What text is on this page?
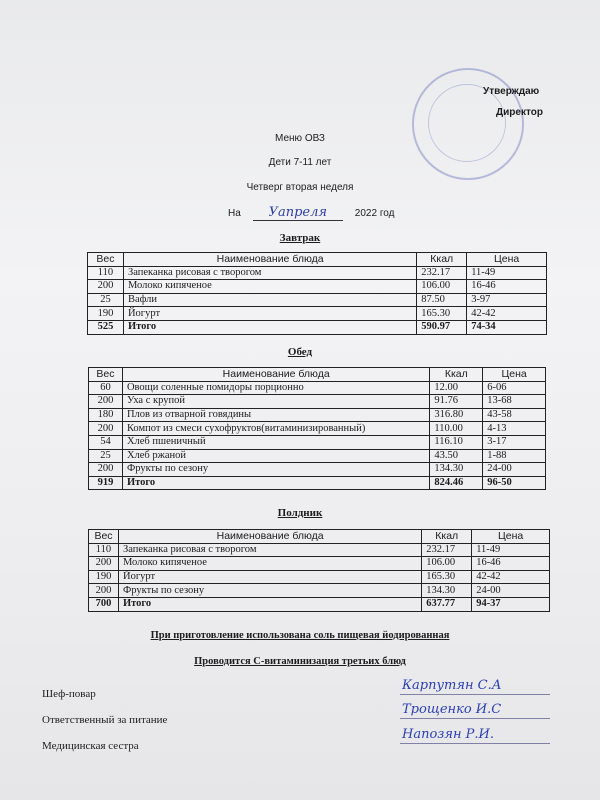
Утверждаю
Директор
Меню ОВЗ
Дети 7-11 лет
Четверг вторая неделя
На Уапреля	2022 год
Завтрак
Вес	Наименование блюда	Ккал	Цена
110	Запеканка рисовая с творогом	232.17	11-49
200	Молоко кипяченое	106.00	16-46
25	Вафли	87.50	3-97
190	Йогурт	165.30	42-42
525	Итого	590.97	74-34
Обед
Вес	Наименование блюда	Ккал	Цена
60	Овощи соленные помидоры порционно	12.00	6-06
200	Уха с крупой	91.76	13-68
180	Плов из отварной говядины	316.80	43-58
200	Компот из смеси сухофруктов(витаминизированный)	110.00	4-13
54	Хлеб пшеничный	116.10	3-17
25	Хлеб ржаной	43.50	1-88
200	Фрукты по сезону	134.30	24-00
919	Итого	824.46	96-50
Полдник
Вес	Наименование блюда	Ккал	Цена
110	Запеканка рисовая с творогом	232.17	11-49
200	Молоко кипяченое	106.00	16-46
190	Йогурт	165.30	42-42
200	Фрукты по сезону	134.30	24-00
700	Итого	637.77	94-37
При приготовление использована соль пищевая йодированная
Проводится С-витаминизация третьих блюд
Шеф-повар
Карпутян С.А
Ответственный за питание
Трощенко И.С
Медицинская сестра
Напозян Р.И.
